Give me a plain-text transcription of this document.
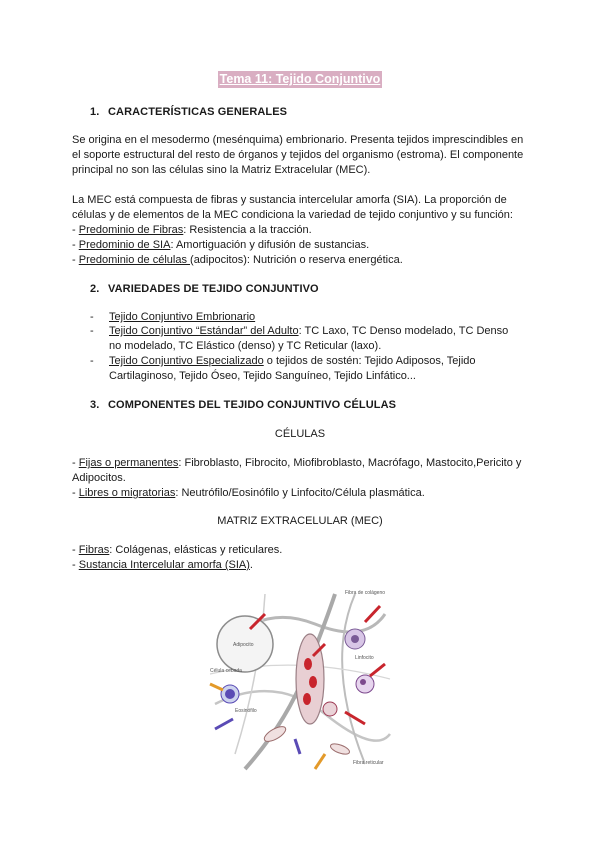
Tema 11: Tejido Conjuntivo
1. CARACTERÍSTICAS GENERALES
Se origina en el mesodermo (mesénquima) embrionario. Presenta tejidos imprescindibles en
el soporte estructural del resto de órganos y tejidos del organismo (estroma). El componente
principal no son las células sino la Matriz Extracelular (MEC).
La MEC está compuesta de fibras y sustancia intercelular amorfa (SIA). La proporción de
células y de elementos de la MEC condiciona la variedad de tejido conjuntivo y su función:
- Predominio de Fibras: Resistencia a la tracción.
- Predominio de SIA: Amortiguación y difusión de sustancias.
- Predominio de células (adipocitos): Nutrición o reserva energética.
2. VARIEDADES DE TEJIDO CONJUNTIVO
- Tejido Conjuntivo Embrionario
- Tejido Conjuntivo “Estándar” del Adulto: TC Laxo, TC Denso modelado, TC Denso
no modelado, TC Elástico (denso) y TC Reticular (laxo).
- Tejido Conjuntivo Especializado o tejidos de sostén: Tejido Adiposos, Tejido
Cartilaginoso, Tejido Óseo, Tejido Sanguíneo, Tejido Linfático...
3. COMPONENTES DEL TEJIDO CONJUNTIVO CÉLULAS
CÉLULAS
- Fijas o permanentes: Fibroblasto, Fibrocito, Miofibroblasto, Macrófago, Mastocito,Pericito y
Adipocitos.
- Libres o migratorias: Neutrófilo/Eosinófilo y Linfocito/Célula plasmática.
MATRIZ EXTRACELULAR (MEC)
- Fibras: Colágenas, elásticas y reticulares.
- Sustancia Intercelular amorfa (SIA).
Fibra de colágeno
Adipocito
Célula cebada
Linfocito
Eosinófilo
Fibra reticular
